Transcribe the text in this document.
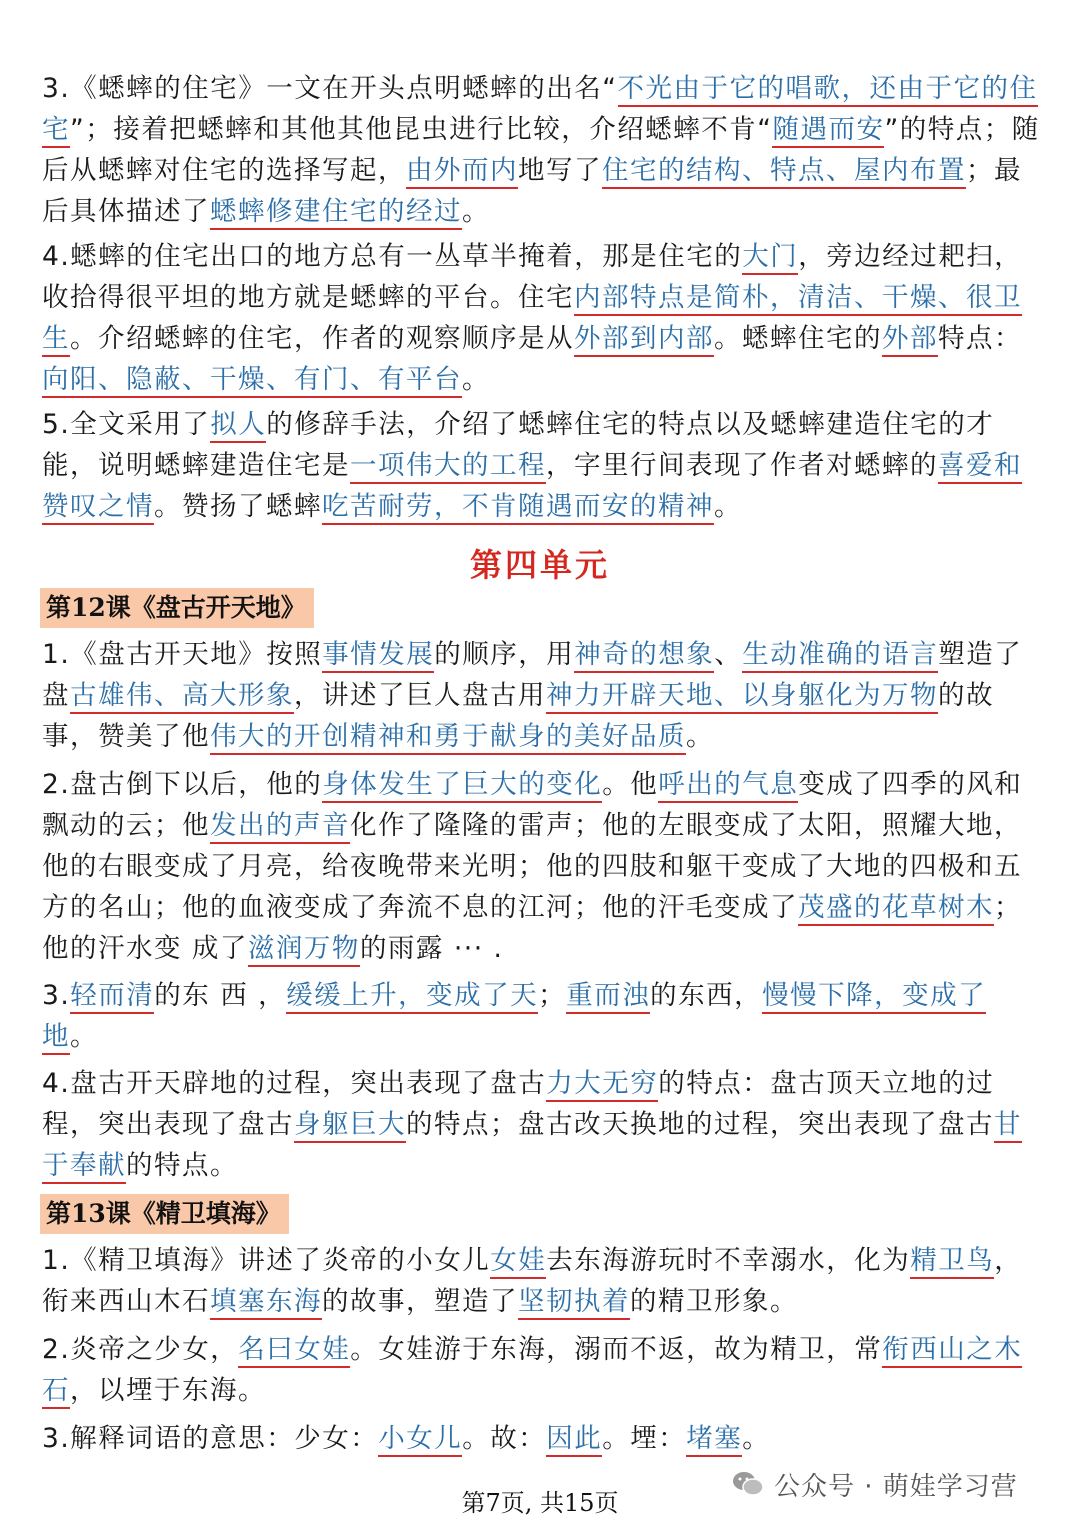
3.《蟋蟀的住宅》一文在开头点明蟋蟀的出名“不光由于它的唱歌，还由于它的住宅”；接着把蟋蟀和其他其他昆虫进行比较，介绍蟋蟀不肯“随遇而安”的特点；随后从蟋蟀对住宅的选择写起，由外而内地写了住宅的结构、特点、屋内布置；最后具体描述了蟋蟀修建住宅的经过。

4.蟋蟀的住宅出口的地方总有一丛草半掩着，那是住宅的大门，旁边经过耙扫，收拾得很平坦的地方就是蟋蟀的平台。住宅内部特点是简朴，清洁、干燥、很卫生。介绍蟋蟀的住宅，作者的观察顺序是从外部到内部。蟋蟀住宅的外部特点：向阳、隐蔽、干燥、有门、有平台。

5.全文采用了拟人的修辞手法，介绍了蟋蟀住宅的特点以及蟋蟀建造住宅的才能，说明蟋蟀建造住宅是一项伟大的工程，字里行间表现了作者对蟋蟀的喜爱和赞叹之情。赞扬了蟋蟀吃苦耐劳，不肯随遇而安的精神。

第四单元
第12课《盘古开天地》

1.《盘古开天地》按照事情发展的顺序，用神奇的想象、生动准确的语言塑造了盘古雄伟、高大形象，讲述了巨人盘古用神力开辟天地、以身躯化为万物的故事，赞美了他伟大的开创精神和勇于献身的美好品质。

2.盘古倒下以后，他的身体发生了巨大的变化。他呼出的气息变成了四季的风和飘动的云；他发出的声音化作了隆隆的雷声；他的左眼变成了太阳，照耀大地，他的右眼变成了月亮，给夜晚带来光明；他的四肢和躯干变成了大地的四极和五方的名山；他的血液变成了奔流不息的江河；他的汗毛变成了茂盛的花草树木；他的汗水变 成了滋润万物的雨露 ··· .

3.轻而清的东 西 ，缓缓上升，变成了天；重而浊的东西，慢慢下降，变成了地。

4.盘古开天辟地的过程，突出表现了盘古力大无穷的特点：盘古顶天立地的过程，突出表现了盘古身躯巨大的特点；盘古改天换地的过程，突出表现了盘古甘于奉献的特点。

第13课《精卫填海》

1.《精卫填海》讲述了炎帝的小女儿女娃去东海游玩时不幸溺水，化为精卫鸟，衔来西山木石填塞东海的故事，塑造了坚韧执着的精卫形象。

2.炎帝之少女，名曰女娃。女娃游于东海，溺而不返，故为精卫，常衔西山之木石，以堙于东海。

3.解释词语的意思：少女：小女儿。故：因此。堙：堵塞。

公众号 · 萌娃学习营
第7页, 共15页
